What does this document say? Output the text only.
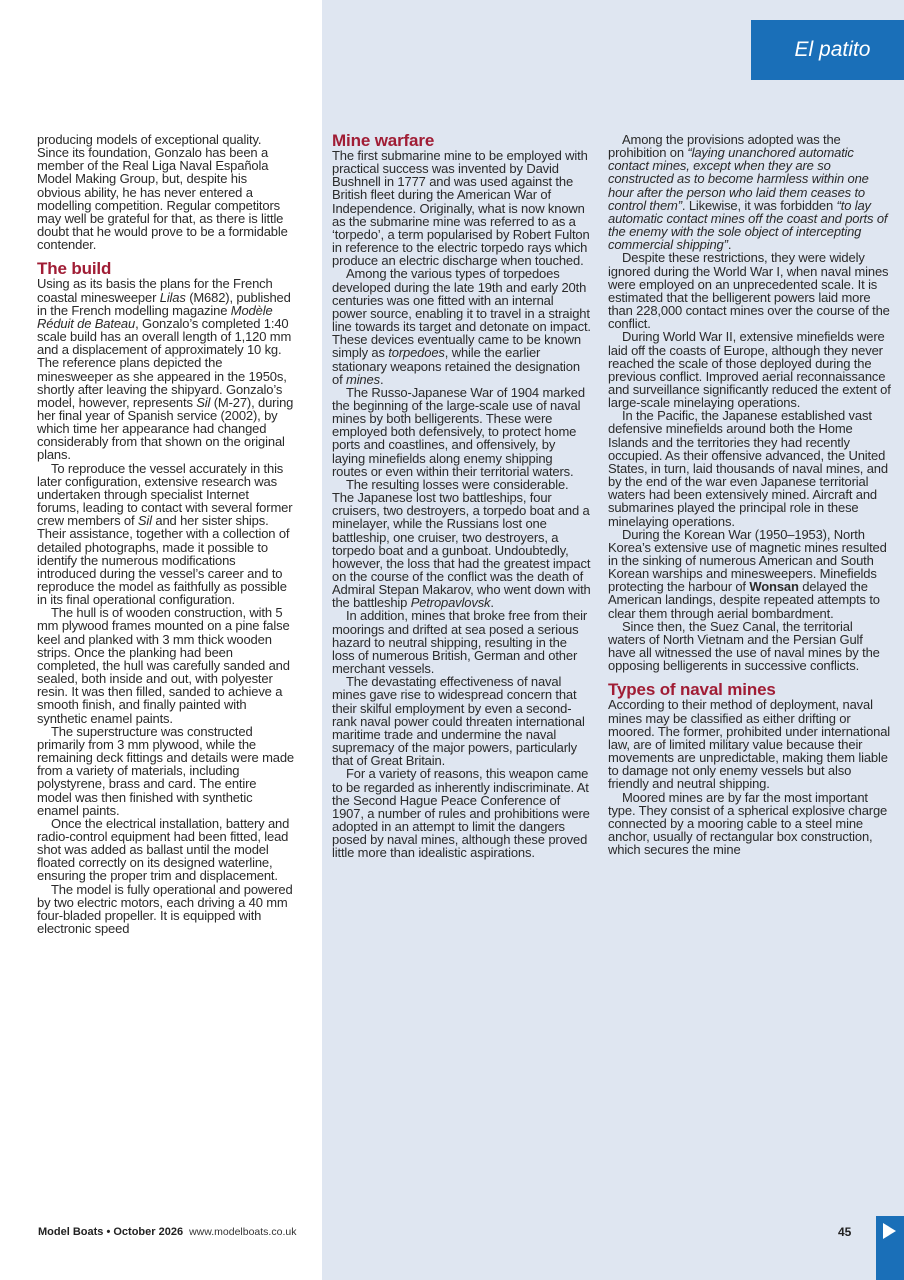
El patito

producing models of exceptional quality. Since its foundation, Gonzalo has been a member of the Real Liga Naval Española Model Making Group, but, despite his obvious ability, he has never entered a modelling competition. Regular competitors may well be grateful for that, as there is little doubt that he would prove to be a formidable contender.

The build

Using as its basis the plans for the French coastal minesweeper Lilas (M682), published in the French modelling magazine Modèle Réduit de Bateau, Gonzalo’s completed 1:40 scale build has an overall length of 1,120 mm and a displacement of approximately 10 kg. The reference plans depicted the minesweeper as she appeared in the 1950s, shortly after leaving the shipyard. Gonzalo’s model, however, represents Sil (M-27), during her final year of Spanish service (2002), by which time her appearance had changed considerably from that shown on the original plans.

To reproduce the vessel accurately in this later configuration, extensive research was undertaken through specialist Internet forums, leading to contact with several former crew members of Sil and her sister ships. Their assistance, together with a collection of detailed photographs, made it possible to identify the numerous modifications introduced during the vessel’s career and to reproduce the model as faithfully as possible in its final operational configuration.

The hull is of wooden construction, with 5 mm plywood frames mounted on a pine false keel and planked with 3 mm thick wooden strips. Once the planking had been completed, the hull was carefully sanded and sealed, both inside and out, with polyester resin. It was then filled, sanded to achieve a smooth finish, and finally painted with synthetic enamel paints.

The superstructure was constructed primarily from 3 mm plywood, while the remaining deck fittings and details were made from a variety of materials, including polystyrene, brass and card. The entire model was then finished with synthetic enamel paints.

Once the electrical installation, battery and radio-control equipment had been fitted, lead shot was added as ballast until the model floated correctly on its designed waterline, ensuring the proper trim and displacement.

The model is fully operational and powered by two electric motors, each driving a 40 mm four-bladed propeller. It is equipped with electronic speed

Mine warfare

The first submarine mine to be employed with practical success was invented by David Bushnell in 1777 and was used against the British fleet during the American War of Independence. Originally, what is now known as the submarine mine was referred to as a ‘torpedo’, a term popularised by Robert Fulton in reference to the electric torpedo rays which produce an electric discharge when touched.

Among the various types of torpedoes developed during the late 19th and early 20th centuries was one fitted with an internal power source, enabling it to travel in a straight line towards its target and detonate on impact. These devices eventually came to be known simply as torpedoes, while the earlier stationary weapons retained the designation of mines.

The Russo-Japanese War of 1904 marked the beginning of the large-scale use of naval mines by both belligerents. These were employed both defensively, to protect home ports and coastlines, and offensively, by laying minefields along enemy shipping routes or even within their territorial waters.

The resulting losses were considerable. The Japanese lost two battleships, four cruisers, two destroyers, a torpedo boat and a minelayer, while the Russians lost one battleship, one cruiser, two destroyers, a torpedo boat and a gunboat. Undoubtedly, however, the loss that had the greatest impact on the course of the conflict was the death of Admiral Stepan Makarov, who went down with the battleship Petropavlovsk.

In addition, mines that broke free from their moorings and drifted at sea posed a serious hazard to neutral shipping, resulting in the loss of numerous British, German and other merchant vessels.

The devastating effectiveness of naval mines gave rise to widespread concern that their skilful employment by even a second-rank naval power could threaten international maritime trade and undermine the naval supremacy of the major powers, particularly that of Great Britain.

For a variety of reasons, this weapon came to be regarded as inherently indiscriminate. At the Second Hague Peace Conference of 1907, a number of rules and prohibitions were adopted in an attempt to limit the dangers posed by naval mines, although these proved little more than idealistic aspirations.

Among the provisions adopted was the prohibition on “laying unanchored automatic contact mines, except when they are so constructed as to become harmless within one hour after the person who laid them ceases to control them”. Likewise, it was forbidden “to lay automatic contact mines off the coast and ports of the enemy with the sole object of intercepting commercial shipping”.

Despite these restrictions, they were widely ignored during the World War I, when naval mines were employed on an unprecedented scale. It is estimated that the belligerent powers laid more than 228,000 contact mines over the course of the conflict.

During World War II, extensive minefields were laid off the coasts of Europe, although they never reached the scale of those deployed during the previous conflict. Improved aerial reconnaissance and surveillance significantly reduced the extent of large-scale minelaying operations.

In the Pacific, the Japanese established vast defensive minefields around both the Home Islands and the territories they had recently occupied. As their offensive advanced, the United States, in turn, laid thousands of naval mines, and by the end of the war even Japanese territorial waters had been extensively mined. Aircraft and submarines played the principal role in these minelaying operations.

During the Korean War (1950–1953), North Korea’s extensive use of magnetic mines resulted in the sinking of numerous American and South Korean warships and minesweepers. Minefields protecting the harbour of Wonsan delayed the American landings, despite repeated attempts to clear them through aerial bombardment.

Since then, the Suez Canal, the territorial waters of North Vietnam and the Persian Gulf have all witnessed the use of naval mines by the opposing belligerents in successive conflicts.

Types of naval mines

According to their method of deployment, naval mines may be classified as either drifting or moored. The former, prohibited under international law, are of limited military value because their movements are unpredictable, making them liable to damage not only enemy vessels but also friendly and neutral shipping.

Moored mines are by far the most important type. They consist of a spherical explosive charge connected by a mooring cable to a steel mine anchor, usually of rectangular box construction, which secures the mine

Model Boats • October 2026 www.modelboats.co.uk	45
